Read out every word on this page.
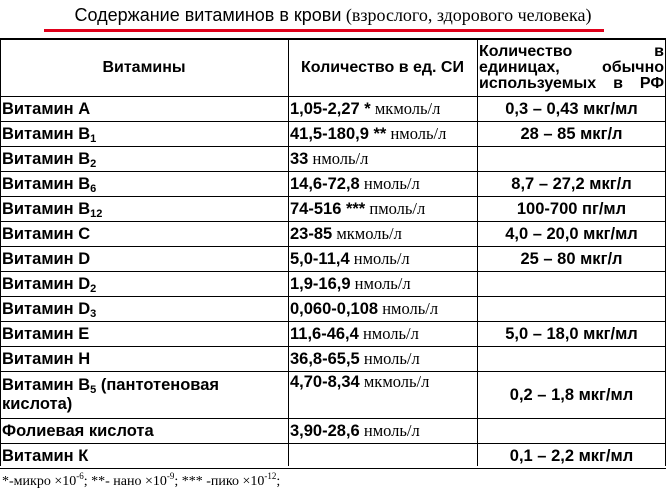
Содержание витаминов в крови (взрослого, здорового человека)
Витамины	Количество в ед. СИ	Количество в единицах, обычно используемых в РФ
Витамин А	1,05-2,27 * мкмоль/л	0,3 – 0,43 мкг/мл
Витамин $В_1$	41,5-180,9 ** нмоль/л	28 – 85 мкг/л
Витамин $В_2$	33 нмоль/л	
Витамин $В_6$	14,6-72,8 нмоль/л	8,7 – 27,2 мкг/л
Витамин $В_{12}$	74-516 *** пмоль/л	100-700 пг/мл
Витамин С	23-85 мкмоль/л	4,0 – 20,0 мкг/мл
Витамин D	5,0-11,4 нмоль/л	25 – 80 мкг/л
Витамин $D_2$	1,9-16,9 нмоль/л	
Витамин $D_3$	0,060-0,108 нмоль/л	
Витамин Е	11,6-46,4 нмоль/л	5,0 – 18,0 мкг/мл
Витамин Н	36,8-65,5 нмоль/л	
Витамин $В_5$ (пантотеновая кислота)	4,70-8,34 мкмоль/л	0,2 – 1,8 мкг/мл
Фолиевая кислота	3,90-28,6 нмоль/л	
Витамин К		0,1 – 2,2 мкг/мл
*-микро $\times 10^{-6}$; **- нано $\times 10^{-9}$; *** -пико $\times 10^{-12}$;
